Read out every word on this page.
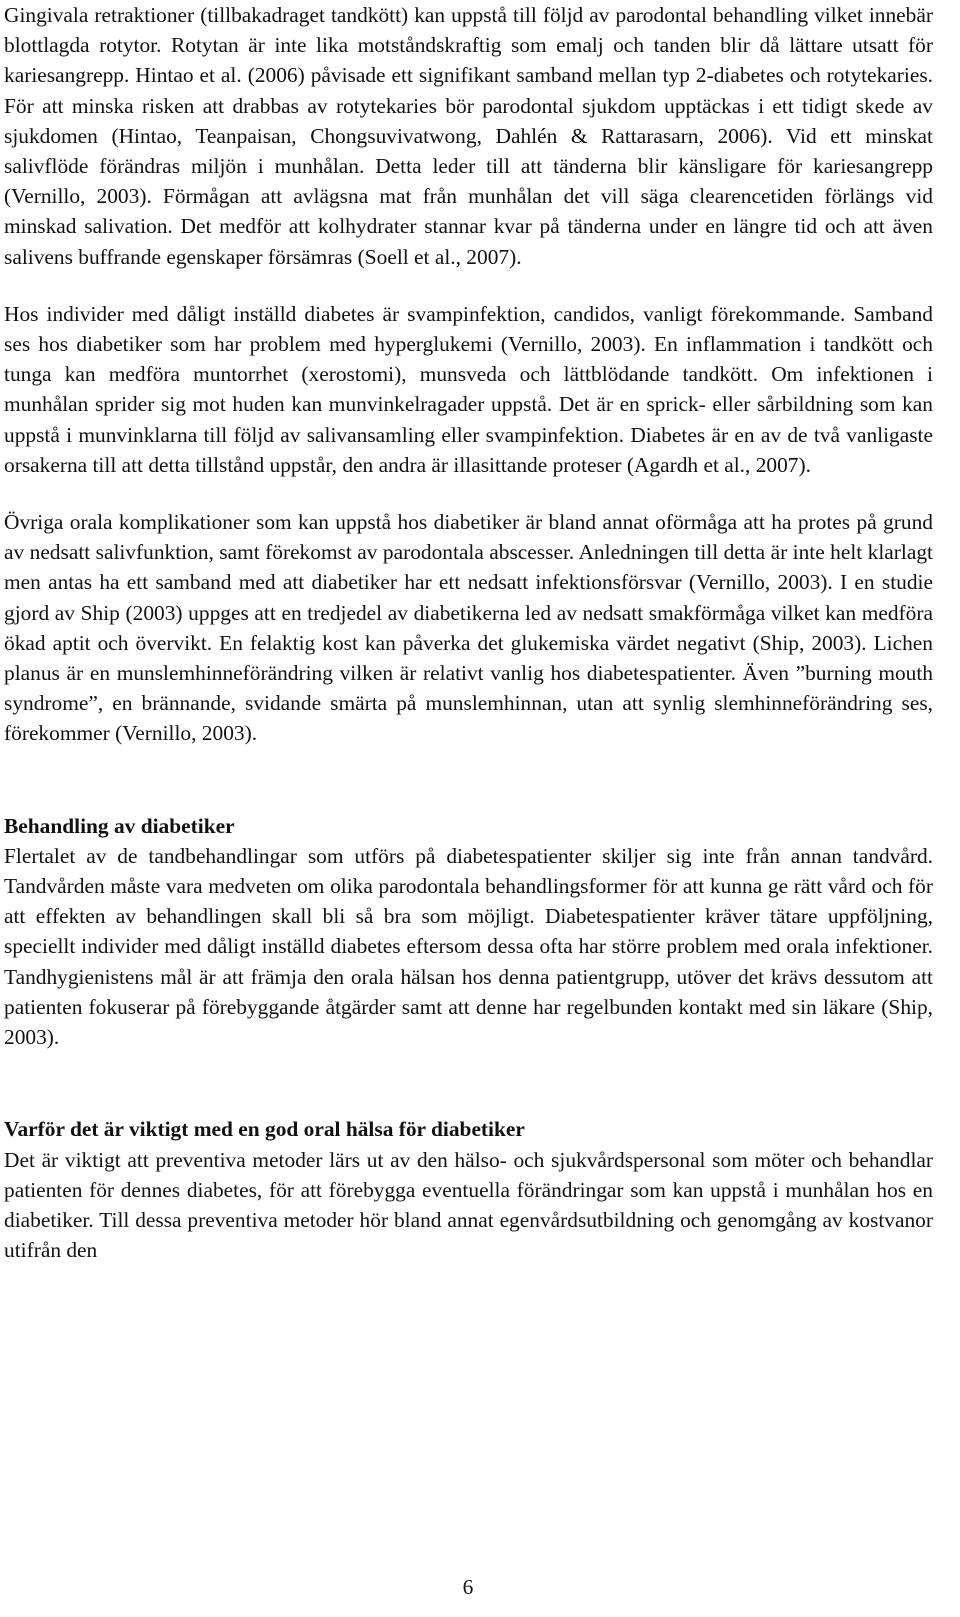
Gingivala retraktioner (tillbakadraget tandkött) kan uppstå till följd av parodontal behandling vilket innebär blottlagda rotytor. Rotytan är inte lika motståndskraftig som emalj och tanden blir då lättare utsatt för kariesangrepp. Hintao et al. (2006) påvisade ett signifikant samband mellan typ 2-diabetes och rotytekaries. För att minska risken att drabbas av rotytekaries bör parodontal sjukdom upptäckas i ett tidigt skede av sjukdomen (Hintao, Teanpaisan, Chongsuvivatwong, Dahlén & Rattarasarn, 2006). Vid ett minskat salivflöde förändras miljön i munhålan. Detta leder till att tänderna blir känsligare för kariesangrepp (Vernillo, 2003). Förmågan att avlägsna mat från munhålan det vill säga clearencetiden förlängs vid minskad salivation. Det medför att kolhydrater stannar kvar på tänderna under en längre tid och att även salivens buffrande egenskaper försämras (Soell et al., 2007).

Hos individer med dåligt inställd diabetes är svampinfektion, candidos, vanligt förekommande. Samband ses hos diabetiker som har problem med hyperglukemi (Vernillo, 2003). En inflammation i tandkött och tunga kan medföra muntorrhet (xerostomi), munsveda och lättblödande tandkött. Om infektionen i munhålan sprider sig mot huden kan munvinkelragader uppstå. Det är en sprick- eller sårbildning som kan uppstå i munvinklarna till följd av salivansamling eller svampinfektion. Diabetes är en av de två vanligaste orsakerna till att detta tillstånd uppstår, den andra är illasittande proteser (Agardh et al., 2007).

Övriga orala komplikationer som kan uppstå hos diabetiker är bland annat oförmåga att ha protes på grund av nedsatt salivfunktion, samt förekomst av parodontala abscesser. Anledningen till detta är inte helt klarlagt men antas ha ett samband med att diabetiker har ett nedsatt infektionsförsvar (Vernillo, 2003). I en studie gjord av Ship (2003) uppges att en tredjedel av diabetikerna led av nedsatt smakförmåga vilket kan medföra ökad aptit och övervikt. En felaktig kost kan påverka det glukemiska värdet negativt (Ship, 2003). Lichen planus är en munslemhinneförändring vilken är relativt vanlig hos diabetespatienter. Även ”burning mouth syndrome”, en brännande, svidande smärta på munslemhinnan, utan att synlig slemhinneförändring ses, förekommer (Vernillo, 2003).

Behandling av diabetiker

Flertalet av de tandbehandlingar som utförs på diabetespatienter skiljer sig inte från annan tandvård. Tandvården måste vara medveten om olika parodontala behandlingsformer för att kunna ge rätt vård och för att effekten av behandlingen skall bli så bra som möjligt. Diabetespatienter kräver tätare uppföljning, speciellt individer med dåligt inställd diabetes eftersom dessa ofta har större problem med orala infektioner. Tandhygienistens mål är att främja den orala hälsan hos denna patientgrupp, utöver det krävs dessutom att patienten fokuserar på förebyggande åtgärder samt att denne har regelbunden kontakt med sin läkare (Ship, 2003).

Varför det är viktigt med en god oral hälsa för diabetiker

Det är viktigt att preventiva metoder lärs ut av den hälso- och sjukvårdspersonal som möter och behandlar patienten för dennes diabetes, för att förebygga eventuella förändringar som kan uppstå i munhålan hos en diabetiker. Till dessa preventiva metoder hör bland annat egenvårdsutbildning och genomgång av kostvanor utifrån den

6
